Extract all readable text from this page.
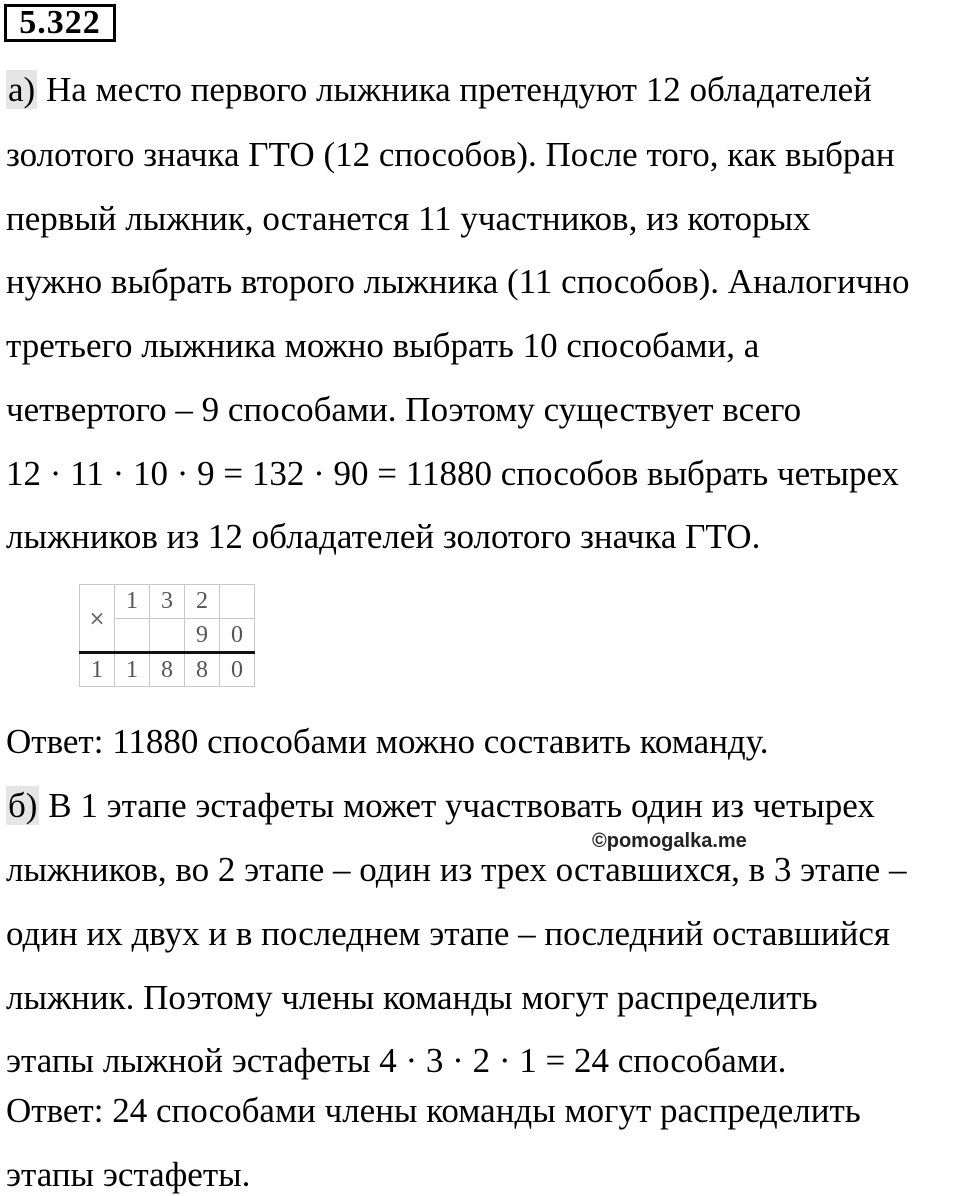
5.322
а) На место первого лыжника претендуют 12 обладателей
золотого значка ГТО (12 способов). После того, как выбран
первый лыжник, останется 11 участников, из которых
нужно выбрать второго лыжника (11 способов). Аналогично
третьего лыжника можно выбрать 10 способами, а
четвертого – 9 способами. Поэтому существует всего
12 · 11 · 10 · 9 = 132 · 90 = 11880 способов выбрать четырех
лыжников из 12 обладателей золотого значка ГТО.
×	1	3	2	
			9	0
1	1	8	8	0
Ответ: 11880 способами можно составить команду.
б) В 1 этапе эстафеты может участвовать один из четырех
©pomogalka.me
лыжников, во 2 этапе – один из трех оставшихся, в 3 этапе –
один их двух и в последнем этапе – последний оставшийся
лыжник. Поэтому члены команды могут распределить
этапы лыжной эстафеты 4 · 3 · 2 · 1 = 24 способами.
Ответ: 24 способами члены команды могут распределить
этапы эстафеты.
